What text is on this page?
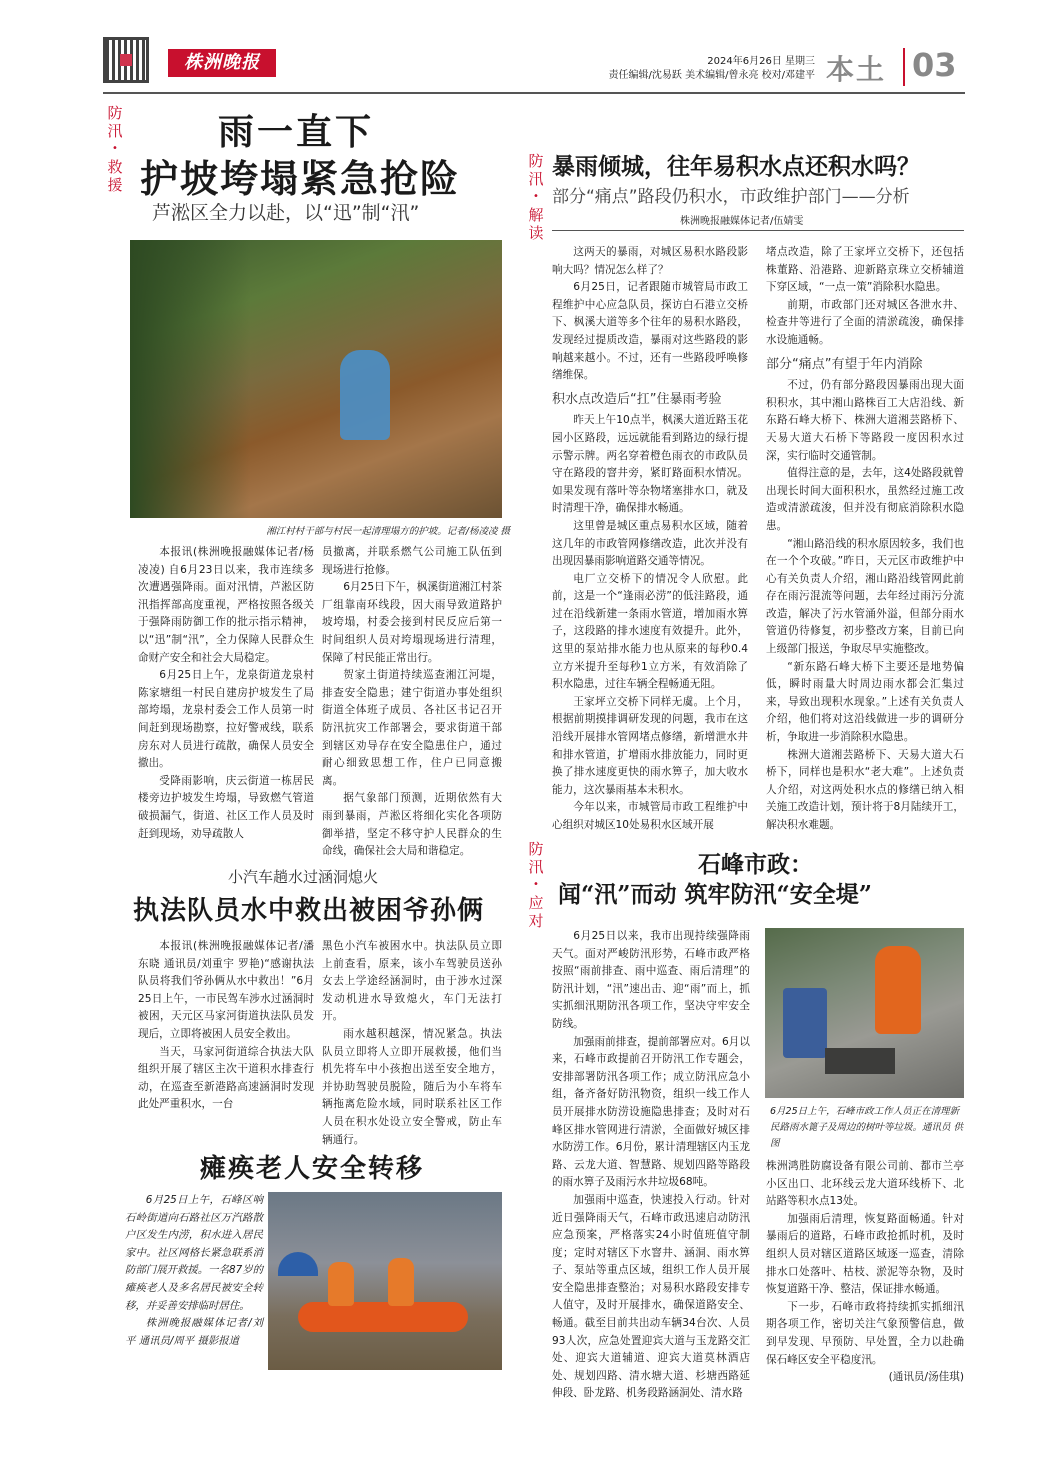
株洲晚报	2024年6月26日 星期三
责任编辑/沈易跃 美术编辑/曾永亮 校对/邓建平 本土 03
防
汛
•
救
援
雨一直下
护坡垮塌紧急抢险
芦淞区全力以赴，以“迅”制“汛”
湘江村村干部与村民一起清理塌方的护坡。记者/杨凌凌 摄

本报讯(株洲晚报融媒体记者/杨凌凌) 自6月23日以来，我市连续多次遭遇强降雨。面对汛情，芦淞区防汛指挥部高度重视，严格按照各级关于强降雨防御工作的批示指示精神，以“迅”制“汛”，全力保障人民群众生命财产安全和社会大局稳定。

6月25日上午，龙泉街道龙泉村陈家塘组一村民自建房护坡发生了局部垮塌，龙泉村委会工作人员第一时间赶到现场勘察，拉好警戒线，联系房东对人员进行疏散，确保人员安全撤出。

受降雨影响，庆云街道一栋居民楼旁边护坡发生垮塌，导致燃气管道破损漏气，街道、社区工作人员及时赶到现场，劝导疏散人

员撤离，并联系燃气公司施工队伍到现场进行抢修。

6月25日下午，枫溪街道湘江村茶厂组靠南环线段，因大雨导致道路护坡垮塌，村委会接到村民反应后第一时间组织人员对垮塌现场进行清理，保障了村民能正常出行。

贺家土街道持续巡查湘江河堤，排查安全隐患；建宁街道办事处组织街道全体班子成员、各社区书记召开防汛抗灾工作部署会，要求街道干部到辖区劝导存在安全隐患住户，通过耐心细致思想工作，住户已同意搬离。

据气象部门预测，近期依然有大雨到暴雨，芦淞区将细化实化各项防御举措，坚定不移守护人民群众的生命线，确保社会大局和谐稳定。

小汽车趟水过涵洞熄火
执法队员水中救出被困爷孙俩

本报讯(株洲晚报融媒体记者/潘东晓 通讯员/刘重宇 罗艳)“感谢执法队员将我们爷孙俩从水中救出！”6月25日上午，一市民驾车涉水过涵洞时被困，天元区马家河街道执法队员发现后，立即将被困人员安全救出。

当天，马家河街道综合执法大队组织开展了辖区主次干道积水排查行动，在巡查至新港路高速涵洞时发现此处严重积水，一台

黑色小汽车被困水中。执法队员立即上前查看，原来，该小车驾驶员送孙女去上学途经涵洞时，由于涉水过深发动机进水导致熄火，车门无法打开。

雨水越积越深，情况紧急。执法队员立即将人立即开展救援，他们当机先将车中小孩抱出送至安全地方，并协助驾驶员脱险，随后为小车将车辆拖离危险水域，同时联系社区工作人员在积水处设立安全警戒，防止车辆通行。

瘫痪老人安全转移

6月25日上午，石峰区响石岭街道向石路社区万汽路散户区发生内涝，积水进入居民家中。社区网格长紧急联系消防部门展开救援。一名87岁的瘫痪老人及多名居民被安全转移，并妥善安排临时居住。

株洲晚报融媒体记者/刘平 通讯员/周平 摄影报道

防
汛
•
解
读
暴雨倾城，往年易积水点还积水吗？
部分“痛点”路段仍积水，市政维护部门——分析
株洲晚报融媒体记者/伍婧雯

这两天的暴雨，对城区易积水路段影响大吗？情况怎么样了？

6月25日，记者跟随市城管局市政工程维护中心应急队员，探访白石港立交桥下、枫溪大道等多个往年的易积水路段，发现经过提质改造，暴雨对这些路段的影响越来越小。不过，还有一些路段呼唤修缮维保。

积水点改造后“扛”住暴雨考验

昨天上午10点半，枫溪大道近路玉花园小区路段，远远就能看到路边的绿行提示警示牌。两名穿着橙色雨衣的市政队员守在路段的窨井旁，紧盯路面积水情况。如果发现有落叶等杂物堵塞排水口，就及时清理干净，确保排水畅通。

这里曾是城区重点易积水区域，随着这几年的市政管网修缮改造，此次并没有出现因暴雨影响道路交通等情况。

电厂立交桥下的情况令人欣慰。此前，这是一个“逢雨必涝”的低洼路段，通过在沿线新建一条雨水管道，增加雨水箅子，这段路的排水速度有效提升。此外，这里的泵站排水能力也从原来的每秒0.4立方米提升至每秒1立方米，有效消除了积水隐患，过往车辆全程畅通无阻。

王家坪立交桥下同样无虞。上个月，根据前期摸排调研发现的问题，我市在这沿线开展排水管网堵点修缮，新增泄水井和排水管道，扩增雨水排放能力，同时更换了排水速度更快的雨水箅子，加大收水能力，这次暴雨基本未积水。

今年以来，市城管局市政工程维护中心组织对城区10处易积水区域开展

堵点改造，除了王家坪立交桥下，还包括株董路、沿港路、迎新路京珠立交桥辅道下穿区域，“一点一策”消除积水隐患。

前期，市政部门还对城区各泄水井、检查井等进行了全面的清淤疏浚，确保排水设施通畅。

部分“痛点”有望于年内消除

不过，仍有部分路段因暴雨出现大面积积水，其中湘山路株百工大店沿线、新东路石峰大桥下、株洲大道湘芸路桥下、天易大道大石桥下等路段一度因积水过深，实行临时交通管制。

值得注意的是，去年，这4处路段就曾出现长时间大面积积水，虽然经过施工改造或清淤疏浚，但并没有彻底消除积水隐患。

“湘山路沿线的积水原因较多，我们也在一个个攻破。”昨日，天元区市政维护中心有关负责人介绍，湘山路沿线管网此前存在雨污混流等问题，去年经过雨污分流改造，解决了污水管涌外溢，但部分雨水管道仍待修复，初步整改方案，目前已向上级部门报送，争取尽早实施整改。

“新东路石峰大桥下主要还是地势偏低，瞬时雨量大时周边雨水都会汇集过来，导致出现积水现象。”上述有关负责人介绍，他们将对这沿线做进一步的调研分析，争取进一步消除积水隐患。

株洲大道湘芸路桥下、天易大道大石桥下，同样也是积水“老大难”。上述负责人介绍，对这两处积水点的修缮已纳入相关施工改造计划，预计将于8月陆续开工，解决积水难题。

防
汛
•
应
对
石峰市政：
闻“汛”而动 筑牢防汛“安全堤”
6月25日上午，石峰市政工作人员正在清理新民路雨水篦子及周边的树叶等垃圾。通讯员 供图

6月25日以来，我市出现持续强降雨天气。面对严峻防汛形势，石峰市政严格按照“雨前排查、雨中巡查、雨后清理”的防汛计划，“汛”速出击、迎“雨”而上，抓实抓细汛期防汛各项工作，坚决守牢安全防线。

加强雨前排查，提前部署应对。6月以来，石峰市政提前召开防汛工作专题会，安排部署防汛各项工作；成立防汛应急小组，备齐备好防汛物资，组织一线工作人员开展排水防涝设施隐患排查；及时对石峰区排水管网进行清淤，全面做好城区排水防涝工作。6月份，累计清理辖区内玉龙路、云龙大道、智慧路、规划四路等路段的雨水箅子及雨污水井垃圾68吨。

加强雨中巡查，快速投入行动。针对近日强降雨天气，石峰市政迅速启动防汛应急预案，严格落实24小时值班值守制度；定时对辖区下水窨井、涵洞、雨水箅子、泵站等重点区域，组织工作人员开展安全隐患排查整治；对易积水路段安排专人值守，及时开展排水，确保道路安全、畅通。截至目前共出动车辆34台次、人员93人次，应急处置迎宾大道与玉龙路交汇处、迎宾大道辅道、迎宾大道莫林酒店处、规划四路、清水塘大道、杉塘西路延伸段、卧龙路、机务段路涵洞处、清水路

株洲鸿胜防腐设备有限公司前、都市兰亭小区出口、北环线云龙大道环线桥下、北站路等积水点13处。

加强雨后清理，恢复路面畅通。针对暴雨后的道路，石峰市政抢抓时机，及时组织人员对辖区道路区域逐一巡查，清除排水口处落叶、枯枝、淤泥等杂物，及时恢复道路干净、整洁，保证排水畅通。

下一步，石峰市政将持续抓实抓细汛期各项工作，密切关注气象预警信息，做到早发现、早预防、早处置，全力以赴确保石峰区安全平稳度汛。

(通讯员/汤佳琪)
